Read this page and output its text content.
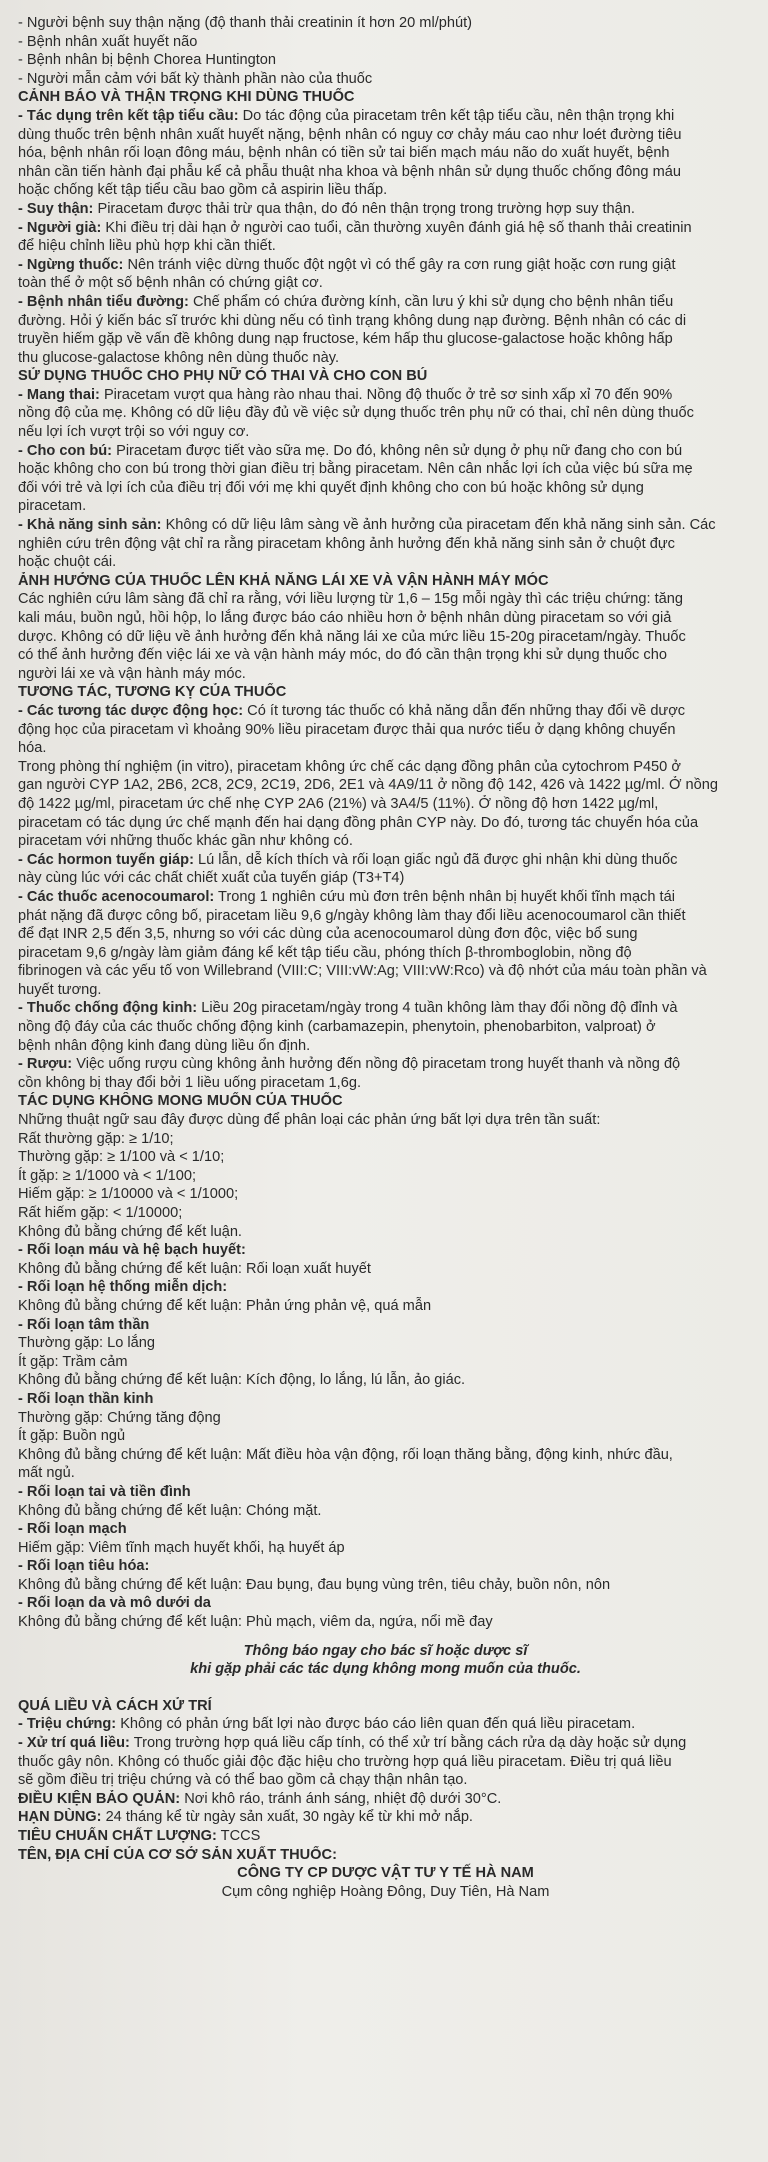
- Người bệnh suy thận nặng (độ thanh thải creatinin ít hơn 20 ml/phút)
- Bệnh nhân xuất huyết não
- Bệnh nhân bị bệnh Chorea Huntington
- Người mẫn cảm với bất kỳ thành phần nào của thuốc
CẢNH BÁO VÀ THẬN TRỌNG KHI DÙNG THUỐC
- Tác dụng trên kết tập tiểu cầu: Do tác động của piracetam trên kết tập tiểu cầu, nên thận trọng khi
dùng thuốc trên bệnh nhân xuất huyết nặng, bệnh nhân có nguy cơ chảy máu cao như loét đường tiêu
hóa, bệnh nhân rối loạn đông máu, bệnh nhân có tiền sử tai biến mạch máu não do xuất huyết, bệnh
nhân cần tiến hành đại phẫu kể cả phẫu thuật nha khoa và bệnh nhân sử dụng thuốc chống đông máu
hoặc chống kết tập tiểu cầu bao gồm cả aspirin liều thấp.
- Suy thận: Piracetam được thải trừ qua thận, do đó nên thận trọng trong trường hợp suy thận.
- Người già: Khi điều trị dài hạn ở người cao tuổi, cần thường xuyên đánh giá hệ số thanh thải creatinin
để hiệu chỉnh liều phù hợp khi cần thiết.
- Ngừng thuốc: Nên tránh việc dừng thuốc đột ngột vì có thể gây ra cơn rung giật hoặc cơn rung giật
toàn thể ở một số bệnh nhân có chứng giật cơ.
- Bệnh nhân tiểu đường: Chế phẩm có chứa đường kính, cần lưu ý khi sử dụng cho bệnh nhân tiểu
đường. Hỏi ý kiến bác sĩ trước khi dùng nếu có tình trạng không dung nạp đường. Bệnh nhân có các di
truyền hiếm gặp về vấn đề không dung nạp fructose, kém hấp thu glucose-galactose hoặc không hấp
thu glucose-galactose không nên dùng thuốc này.
SỬ DỤNG THUỐC CHO PHỤ NỮ CÓ THAI VÀ CHO CON BÚ
- Mang thai: Piracetam vượt qua hàng rào nhau thai. Nồng độ thuốc ở trẻ sơ sinh xấp xỉ 70 đến 90%
nồng độ của mẹ. Không có dữ liệu đầy đủ về việc sử dụng thuốc trên phụ nữ có thai, chỉ nên dùng thuốc
nếu lợi ích vượt trội so với nguy cơ.
- Cho con bú: Piracetam được tiết vào sữa mẹ. Do đó, không nên sử dụng ở phụ nữ đang cho con bú
hoặc không cho con bú trong thời gian điều trị bằng piracetam. Nên cân nhắc lợi ích của việc bú sữa mẹ
đối với trẻ và lợi ích của điều trị đối với mẹ khi quyết định không cho con bú hoặc không sử dụng
piracetam.
- Khả năng sinh sản: Không có dữ liệu lâm sàng về ảnh hưởng của piracetam đến khả năng sinh sản. Các
nghiên cứu trên động vật chỉ ra rằng piracetam không ảnh hưởng đến khả năng sinh sản ở chuột đực
hoặc chuột cái.
ẢNH HƯỞNG CỦA THUỐC LÊN KHẢ NĂNG LÁI XE VÀ VẬN HÀNH MÁY MÓC
Các nghiên cứu lâm sàng đã chỉ ra rằng, với liều lượng từ 1,6 – 15g mỗi ngày thì các triệu chứng: tăng
kali máu, buồn ngủ, hồi hộp, lo lắng được báo cáo nhiều hơn ở bệnh nhân dùng piracetam so với giả
dược. Không có dữ liệu về ảnh hưởng đến khả năng lái xe của mức liều 15-20g piracetam/ngày. Thuốc
có thể ảnh hưởng đến việc lái xe và vận hành máy móc, do đó cần thận trọng khi sử dụng thuốc cho
người lái xe và vận hành máy móc.
TƯƠNG TÁC, TƯƠNG KỴ CỦA THUỐC
- Các tương tác dược động học: Có ít tương tác thuốc có khả năng dẫn đến những thay đổi về dược
động học của piracetam vì khoảng 90% liều piracetam được thải qua nước tiểu ở dạng không chuyển
hóa.
Trong phòng thí nghiệm (in vitro), piracetam không ức chế các dạng đồng phân của cytochrom P450 ở
gan người CYP 1A2, 2B6, 2C8, 2C9, 2C19, 2D6, 2E1 và 4A9/11 ở nồng độ 142, 426 và 1422 µg/ml. Ở nồng
độ 1422 µg/ml, piracetam ức chế nhẹ CYP 2A6 (21%) và 3A4/5 (11%). Ở nồng độ hơn 1422 µg/ml,
piracetam có tác dụng ức chế mạnh đến hai dạng đồng phân CYP này. Do đó, tương tác chuyển hóa của
piracetam với những thuốc khác gần như không có.
- Các hormon tuyến giáp: Lú lẫn, dễ kích thích và rối loạn giấc ngủ đã được ghi nhận khi dùng thuốc
này cùng lúc với các chất chiết xuất của tuyến giáp (T3+T4)
- Các thuốc acenocoumarol: Trong 1 nghiên cứu mù đơn trên bệnh nhân bị huyết khối tĩnh mạch tái
phát nặng đã được công bố, piracetam liều 9,6 g/ngày không làm thay đổi liều acenocoumarol cần thiết
để đạt INR 2,5 đến 3,5, nhưng so với các dùng của acenocoumarol dùng đơn độc, việc bổ sung
piracetam 9,6 g/ngày làm giảm đáng kể kết tập tiểu cầu, phóng thích β-thromboglobin, nồng độ
fibrinogen và các yếu tố von Willebrand (VIII:C; VIII:vW:Ag; VIII:vW:Rco) và độ nhớt của máu toàn phần và
huyết tương.
- Thuốc chống động kinh: Liều 20g piracetam/ngày trong 4 tuần không làm thay đổi nồng độ đỉnh và
nồng độ đáy của các thuốc chống động kinh (carbamazepin, phenytoin, phenobarbiton, valproat) ở
bệnh nhân động kinh đang dùng liều ổn định.
- Rượu: Việc uống rượu cùng không ảnh hưởng đến nồng độ piracetam trong huyết thanh và nồng độ
cồn không bị thay đổi bởi 1 liều uống piracetam 1,6g.
TÁC DỤNG KHÔNG MONG MUỐN CỦA THUỐC
Những thuật ngữ sau đây được dùng để phân loại các phản ứng bất lợi dựa trên tần suất:
Rất thường gặp: ≥ 1/10;
Thường gặp: ≥ 1/100 và < 1/10;
Ít gặp: ≥ 1/1000 và < 1/100;
Hiếm gặp: ≥ 1/10000 và < 1/1000;
Rất hiếm gặp: < 1/10000;
Không đủ bằng chứng để kết luận.
- Rối loạn máu và hệ bạch huyết:
Không đủ bằng chứng để kết luận: Rối loạn xuất huyết
- Rối loạn hệ thống miễn dịch:
Không đủ bằng chứng để kết luận: Phản ứng phản vệ, quá mẫn
- Rối loạn tâm thần
Thường gặp: Lo lắng
Ít gặp: Trầm cảm
Không đủ bằng chứng để kết luận: Kích động, lo lắng, lú lẫn, ảo giác.
- Rối loạn thần kinh
Thường gặp: Chứng tăng động
Ít gặp: Buồn ngủ
Không đủ bằng chứng để kết luận: Mất điều hòa vận động, rối loạn thăng bằng, động kinh, nhức đầu,
mất ngủ.
- Rối loạn tai và tiền đình
Không đủ bằng chứng để kết luận: Chóng mặt.
- Rối loạn mạch
Hiếm gặp: Viêm tĩnh mạch huyết khối, hạ huyết áp
- Rối loạn tiêu hóa:
Không đủ bằng chứng để kết luận: Đau bụng, đau bụng vùng trên, tiêu chảy, buồn nôn, nôn
- Rối loạn da và mô dưới da
Không đủ bằng chứng để kết luận: Phù mạch, viêm da, ngứa, nổi mề đay
Thông báo ngay cho bác sĩ hoặc dược sĩ
khi gặp phải các tác dụng không mong muốn của thuốc.
QUÁ LIỀU VÀ CÁCH XỬ TRÍ
- Triệu chứng: Không có phản ứng bất lợi nào được báo cáo liên quan đến quá liều piracetam.
- Xử trí quá liều: Trong trường hợp quá liều cấp tính, có thể xử trí bằng cách rửa dạ dày hoặc sử dụng
thuốc gây nôn. Không có thuốc giải độc đặc hiệu cho trường hợp quá liều piracetam. Điều trị quá liều
sẽ gồm điều trị triệu chứng và có thể bao gồm cả chạy thận nhân tạo.
ĐIỀU KIỆN BẢO QUẢN: Nơi khô ráo, tránh ánh sáng, nhiệt độ dưới 30°C.
HẠN DÙNG: 24 tháng kể từ ngày sản xuất, 30 ngày kể từ khi mở nắp.
TIÊU CHUẨN CHẤT LƯỢNG: TCCS
TÊN, ĐỊA CHỈ CỦA CƠ SỞ SẢN XUẤT THUỐC:
CÔNG TY CP DƯỢC VẬT TƯ Y TẾ HÀ NAM
Cụm công nghiệp Hoàng Đông, Duy Tiên, Hà Nam
